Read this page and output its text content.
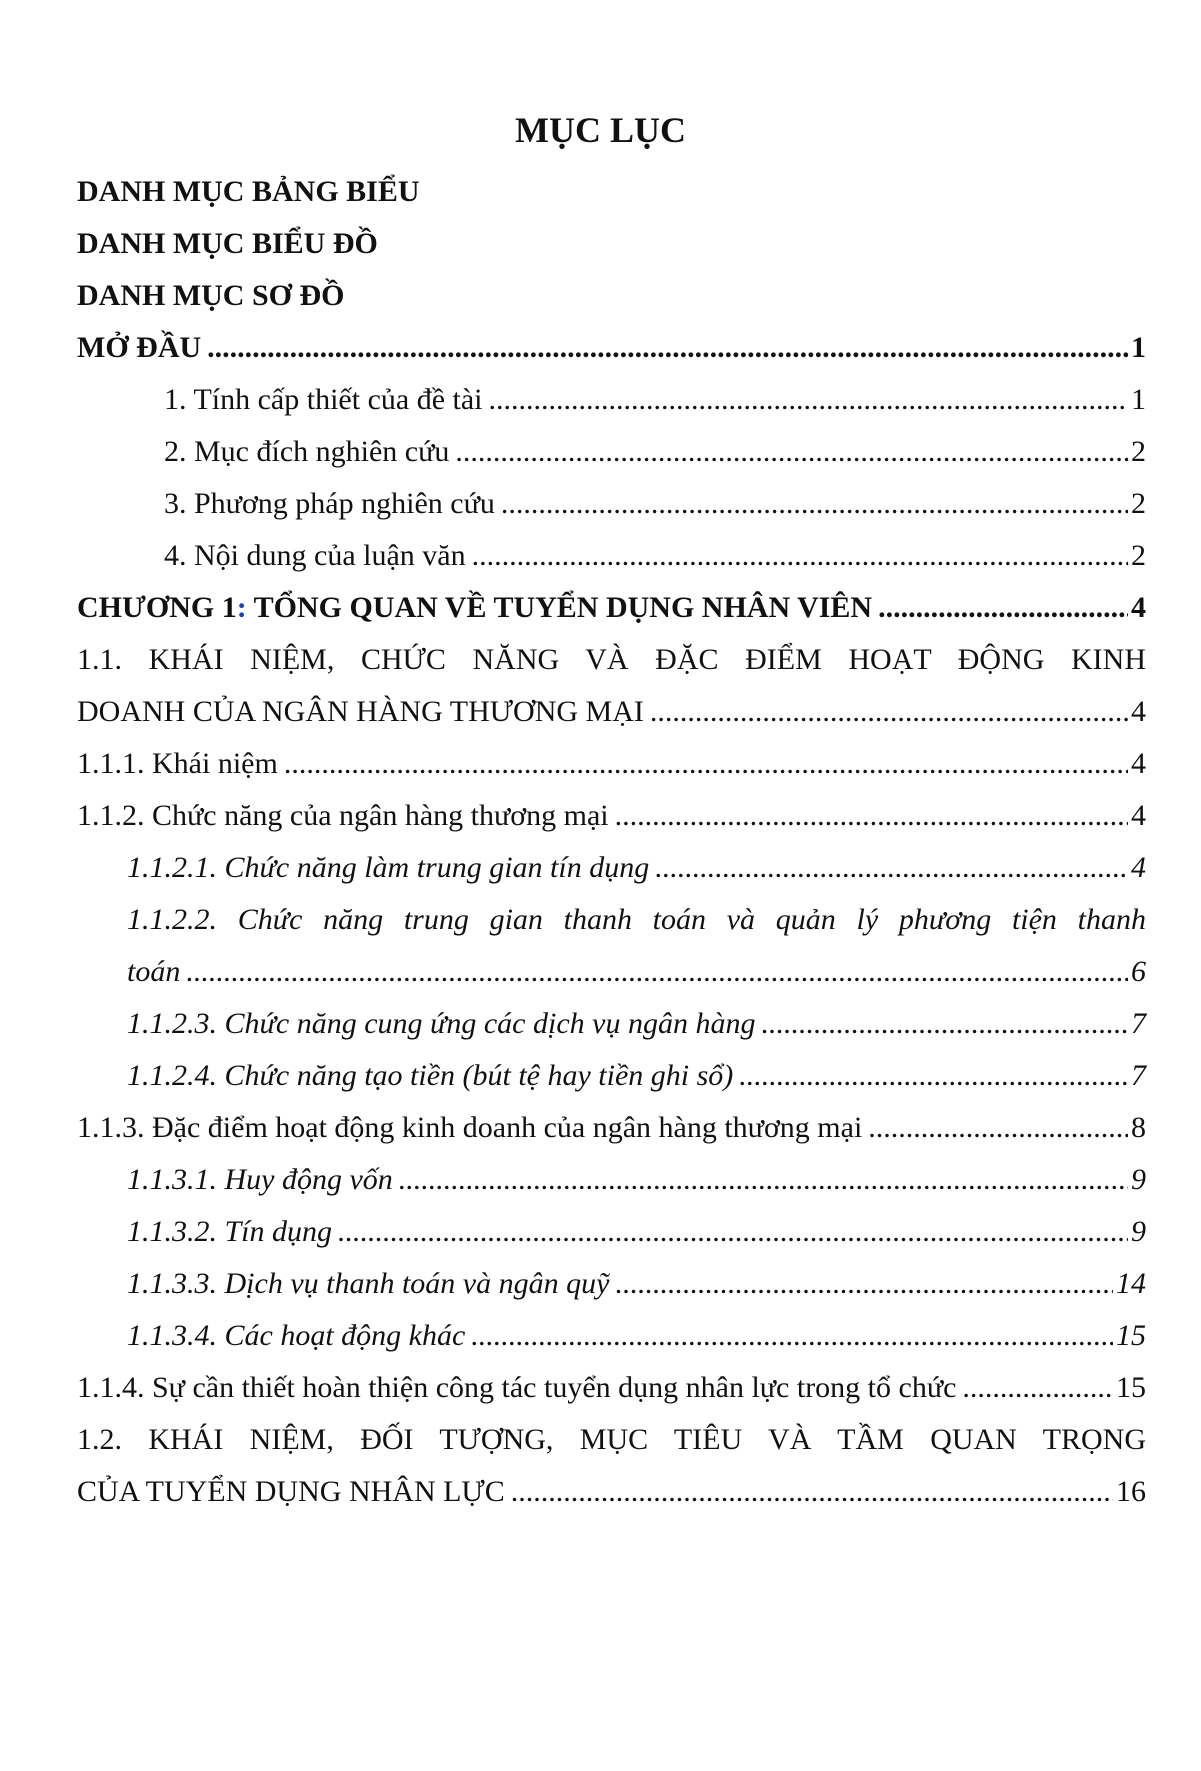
MỤC LỤC
DANH MỤC BẢNG BIỂU
DANH MỤC BIỂU ĐỒ
DANH MỤC SƠ ĐỒ
MỞ ĐẦU .....	1
1. Tính cấp thiết của đề tài .....	1
2. Mục đích nghiên cứu .....	2
3. Phương pháp nghiên cứu .....	2
4. Nội dung của luận văn .....	2
CHƯƠNG 1: TỔNG QUAN VỀ TUYỂN DỤNG NHÂN VIÊN .....	4
1.1. KHÁI NIỆM, CHỨC NĂNG VÀ ĐẶC ĐIỂM HOẠT ĐỘNG KINH
DOANH CỦA NGÂN HÀNG THƯƠNG MẠI .....	4
1.1.1. Khái niệm .....	4
1.1.2. Chức năng của ngân hàng thương mại .....	4
1.1.2.1. Chức năng làm trung gian tín dụng .....	4
1.1.2.2. Chức năng trung gian thanh toán và quản lý phương tiện thanh
toán .....	6
1.1.2.3. Chức năng cung ứng các dịch vụ ngân hàng .....	7
1.1.2.4. Chức năng tạo tiền (bút tệ hay tiền ghi sổ) .....	7
1.1.3. Đặc điểm hoạt động kinh doanh của ngân hàng thương mại .....	8
1.1.3.1. Huy động vốn .....	9
1.1.3.2. Tín dụng .....	9
1.1.3.3. Dịch vụ thanh toán và ngân quỹ .....	14
1.1.3.4. Các hoạt động khác .....	15
1.1.4. Sự cần thiết hoàn thiện công tác tuyển dụng nhân lực trong tổ chức .....	15
1.2. KHÁI NIỆM, ĐỐI TƯỢNG, MỤC TIÊU VÀ TẦM QUAN TRỌNG
CỦA TUYỂN DỤNG NHÂN LỰC .....	16
